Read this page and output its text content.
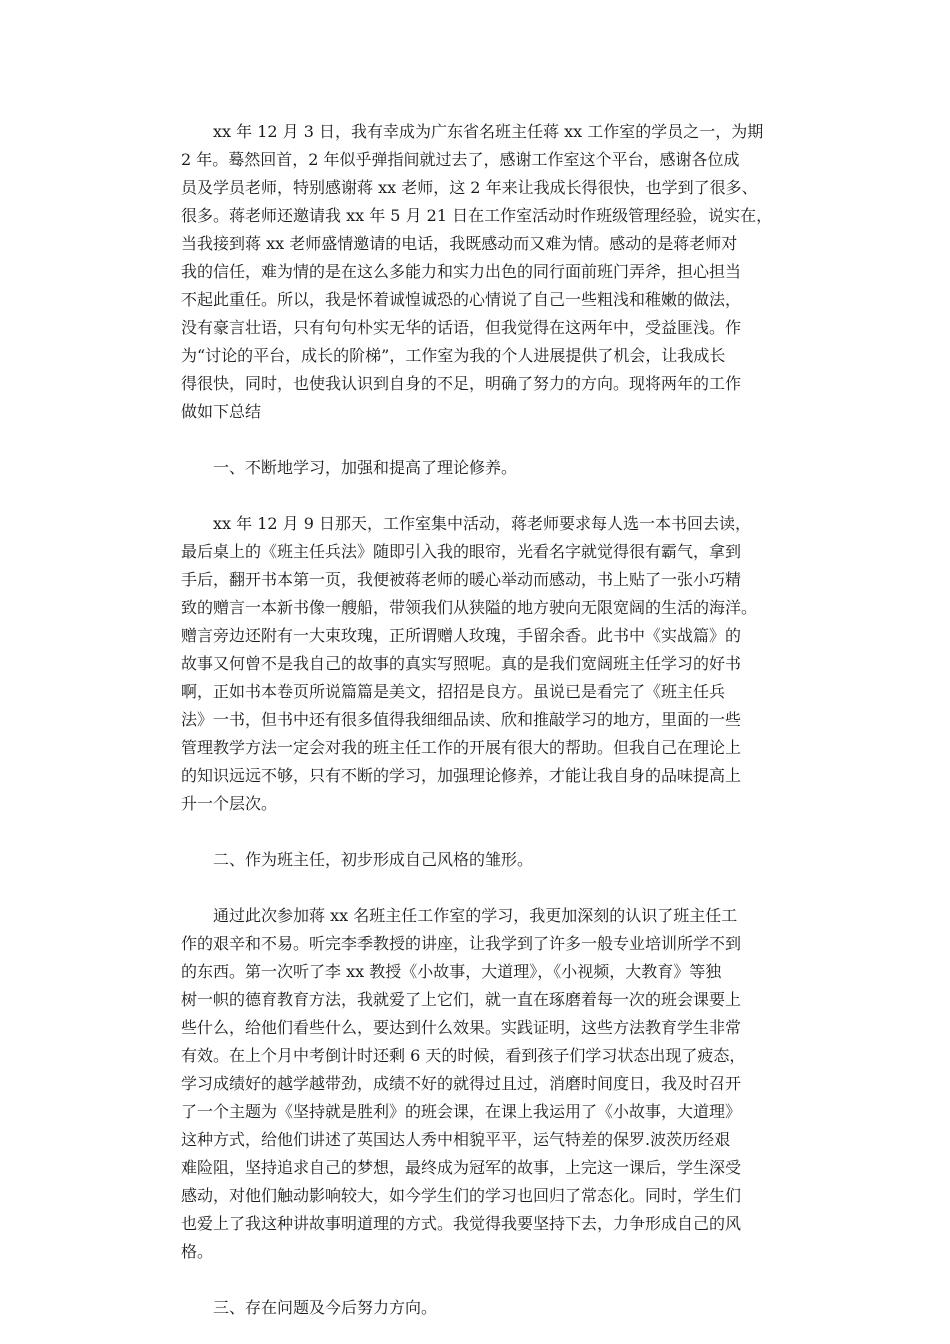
xx 年 12 月 3 日，我有幸成为广东省名班主任蒋 xx 工作室的学员之一，为期
2 年。蓦然回首，2 年似乎弹指间就过去了，感谢工作室这个平台，感谢各位成
员及学员老师，特别感谢蒋 xx 老师，这 2 年来让我成长得很快，也学到了很多、
很多。蒋老师还邀请我 xx 年 5 月 21 日在工作室活动时作班级管理经验，说实在，
当我接到蒋 xx 老师盛情邀请的电话，我既感动而又难为情。感动的是蒋老师对
我的信任，难为情的是在这么多能力和实力出色的同行面前班门弄斧，担心担当
不起此重任。所以，我是怀着诚惶诚恐的心情说了自己一些粗浅和稚嫩的做法，
没有豪言壮语，只有句句朴实无华的话语，但我觉得在这两年中，受益匪浅。作
为“讨论的平台，成长的阶梯”，工作室为我的个人进展提供了机会，让我成长
得很快，同时，也使我认识到自身的不足，明确了努力的方向。现将两年的工作
做如下总结
一、不断地学习，加强和提高了理论修养。
xx 年 12 月 9 日那天，工作室集中活动，蒋老师要求每人选一本书回去读，
最后桌上的《班主任兵法》随即引入我的眼帘，光看名字就觉得很有霸气，拿到
手后，翻开书本第一页，我便被蒋老师的暖心举动而感动，书上贴了一张小巧精
致的赠言一本新书像一艘船，带领我们从狭隘的地方驶向无限宽阔的生活的海洋。
赠言旁边还附有一大束玫瑰，正所谓赠人玫瑰，手留余香。此书中《实战篇》的
故事又何曾不是我自己的故事的真实写照呢。真的是我们宽阔班主任学习的好书
啊，正如书本卷页所说篇篇是美文，招招是良方。虽说已是看完了《班主任兵
法》一书，但书中还有很多值得我细细品读、欣和推敲学习的地方，里面的一些
管理教学方法一定会对我的班主任工作的开展有很大的帮助。但我自己在理论上
的知识远远不够，只有不断的学习，加强理论修养，才能让我自身的品味提高上
升一个层次。
二、作为班主任，初步形成自己风格的雏形。
通过此次参加蒋 xx 名班主任工作室的学习，我更加深刻的认识了班主任工
作的艰辛和不易。听完李季教授的讲座，让我学到了许多一般专业培训所学不到
的东西。第一次听了李 xx 教授《小故事，大道理》，《小视频，大教育》等独
树一帜的德育教育方法，我就爱了上它们，就一直在琢磨着每一次的班会课要上
些什么，给他们看些什么，要达到什么效果。实践证明，这些方法教育学生非常
有效。在上个月中考倒计时还剩 6 天的时候，看到孩子们学习状态出现了疲态，
学习成绩好的越学越带劲，成绩不好的就得过且过，消磨时间度日，我及时召开
了一个主题为《坚持就是胜利》的班会课，在课上我运用了《小故事，大道理》
这种方式，给他们讲述了英国达人秀中相貌平平，运气特差的保罗.波茨历经艰
难险阻，坚持追求自己的梦想，最终成为冠军的故事，上完这一课后，学生深受
感动，对他们触动影响较大，如今学生们的学习也回归了常态化。同时，学生们
也爱上了我这种讲故事明道理的方式。我觉得我要坚持下去，力争形成自己的风
格。
三、存在问题及今后努力方向。
